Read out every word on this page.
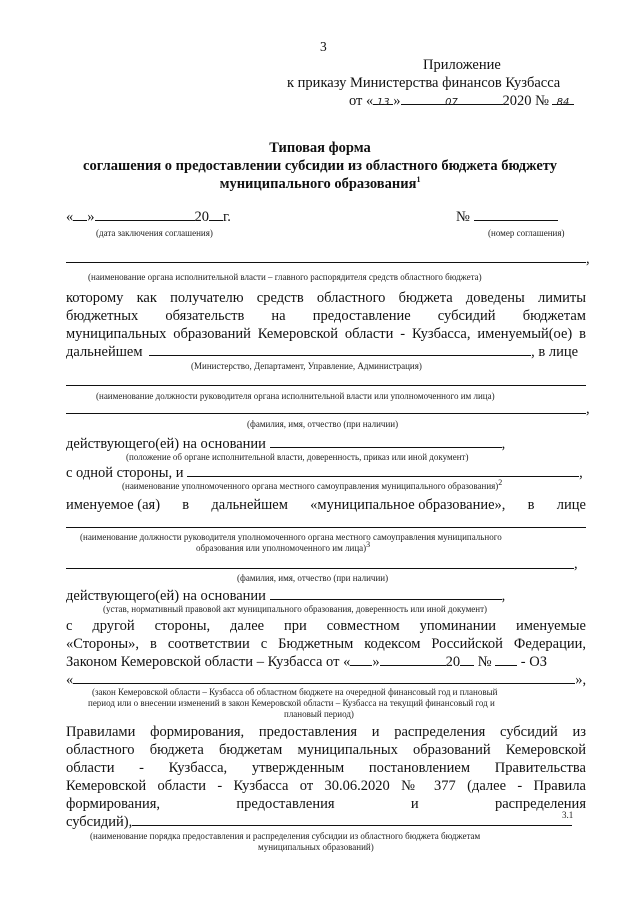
3
Приложение
к приказу Министерства финансов Кузбасса
от « 13 »	07	2020 № 84
Типовая форма
соглашения о предоставлении субсидии из областного бюджета бюджету
муниципального образования$^1$
« »	20 г.
(дата заключения соглашения)
№
(номер соглашения)
,
(наименование органа исполнительной власти – главного распорядителя средств областного бюджета)
которому как получателю средств областного бюджета доведены лимиты
бюджетных обязательств на предоставление субсидий бюджетам
муниципальных образований Кемеровской области - Кузбасса, именуемый(ое) в
дальнейшем	, в лице
(Министерство, Департамент, Управление, Администрация)
(наименование должности руководителя органа исполнительной власти или уполномоченного им лица)
,
(фамилия, имя, отчество (при наличии)
действующего(ей) на основании	,
(положение об органе исполнительной власти, доверенность, приказ или иной документ)
с одной стороны, и	,
(наименование уполномоченного органа местного самоуправления муниципального образования)$^2$
именуемое (ая) в дальнейшем «муниципальное образование», в лице
(наименование должности руководителя уполномоченного органа местного самоуправления муниципального
образования или уполномоченного им лица)$^3$
,
(фамилия, имя, отчество (при наличии)
действующего(ей) на основании	,
(устав, нормативный правовой акт муниципального образования, доверенность или иной документ)
с другой стороны, далее при совместном упоминании именуемые
«Стороны», в соответствии с Бюджетным кодексом Российской Федерации,
Законом Кемеровской области – Кузбасса от « »	20 № - ОЗ
«	»,
(закон Кемеровской области – Кузбасса об областном бюджете на очередной финансовый год и плановый
период или о внесении изменений в закон Кемеровской области – Кузбасса на текущий финансовый год и
плановый период)
Правилами формирования, предоставления и распределения субсидий из
областного бюджета бюджетам муниципальных образований Кемеровской
области - Кузбасса, утвержденным постановлением Правительства
Кемеровской области - Кузбасса от 30.06.2020 № 377 (далее - Правила
формирования,	предоставления	и	распределения
субсидий),	3.1
(наименование порядка предоставления и распределения субсидии из областного бюджета бюджетам
муниципальных образований)
